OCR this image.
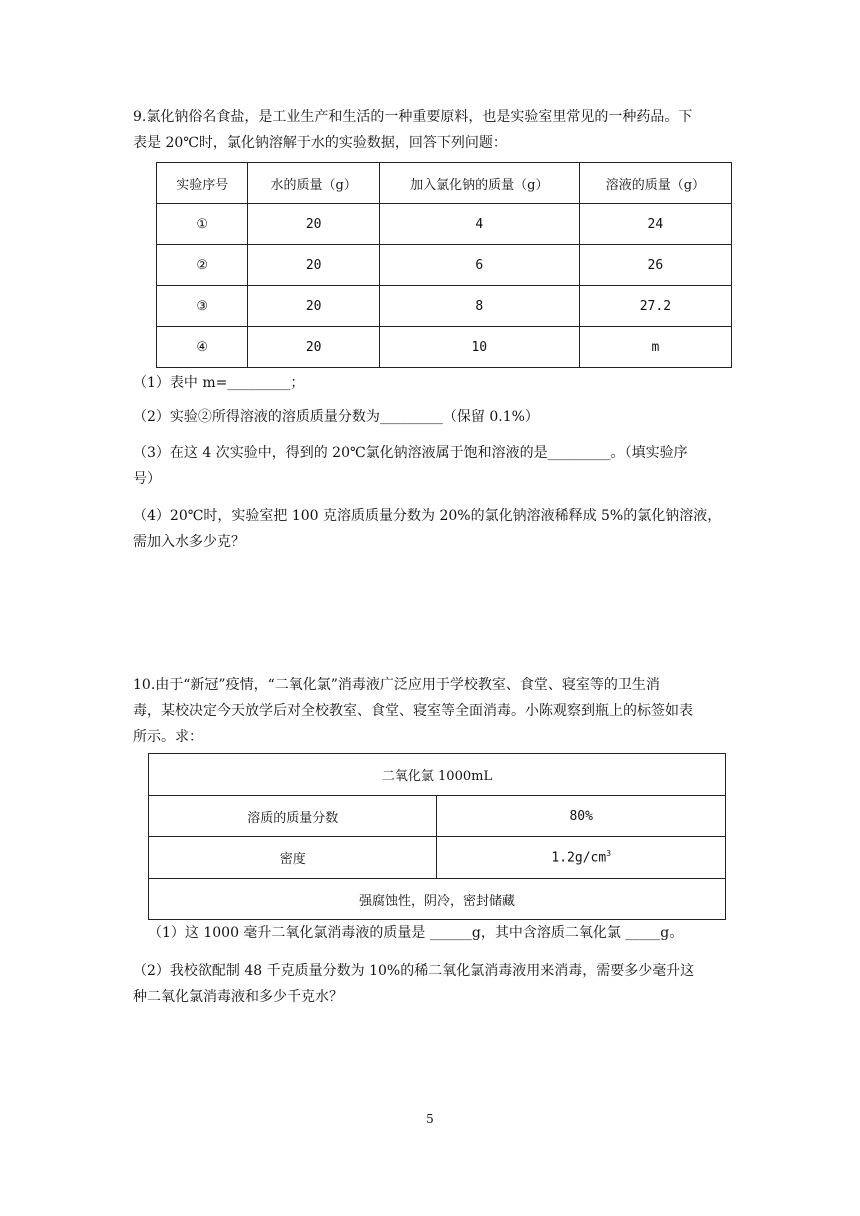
9.氯化钠俗名食盐，是工业生产和生活的一种重要原料，也是实验室里常见的一种药品。下

表是 20℃时，氯化钠溶解于水的实验数据，回答下列问题：

实验序号	水的质量（g）	加入氯化钠的质量（g）	溶液的质量（g）
①	20	4	24
②	20	6	26
③	20	8	27.2
④	20	10	m

（1）表中 m=_________；

（2）实验②所得溶液的溶质质量分数为_________（保留 0.1%）

（3）在这 4 次实验中，得到的 20℃氯化钠溶液属于饱和溶液的是_________。（填实验序

号）

（4）20℃时，实验室把 100 克溶质质量分数为 20%的氯化钠溶液稀释成 5%的氯化钠溶液，

需加入水多少克？

10.由于“新冠”疫情，“二氧化氯”消毒液广泛应用于学校教室、食堂、寝室等的卫生消

毒，某校决定今天放学后对全校教室、食堂、寝室等全面消毒。小陈观察到瓶上的标签如表

所示。求：

二氧化氯 1000mL	
溶质的质量分数	80%
密度	$1.2g/cm^3$
强腐蚀性，阴冷，密封储藏	

（1）这 1000 毫升二氧化氯消毒液的质量是 ______g，其中含溶质二氧化氯 _____g。

（2）我校欲配制 48 千克质量分数为 10%的稀二氧化氯消毒液用来消毒，需要多少毫升这

种二氧化氯消毒液和多少千克水？

5
